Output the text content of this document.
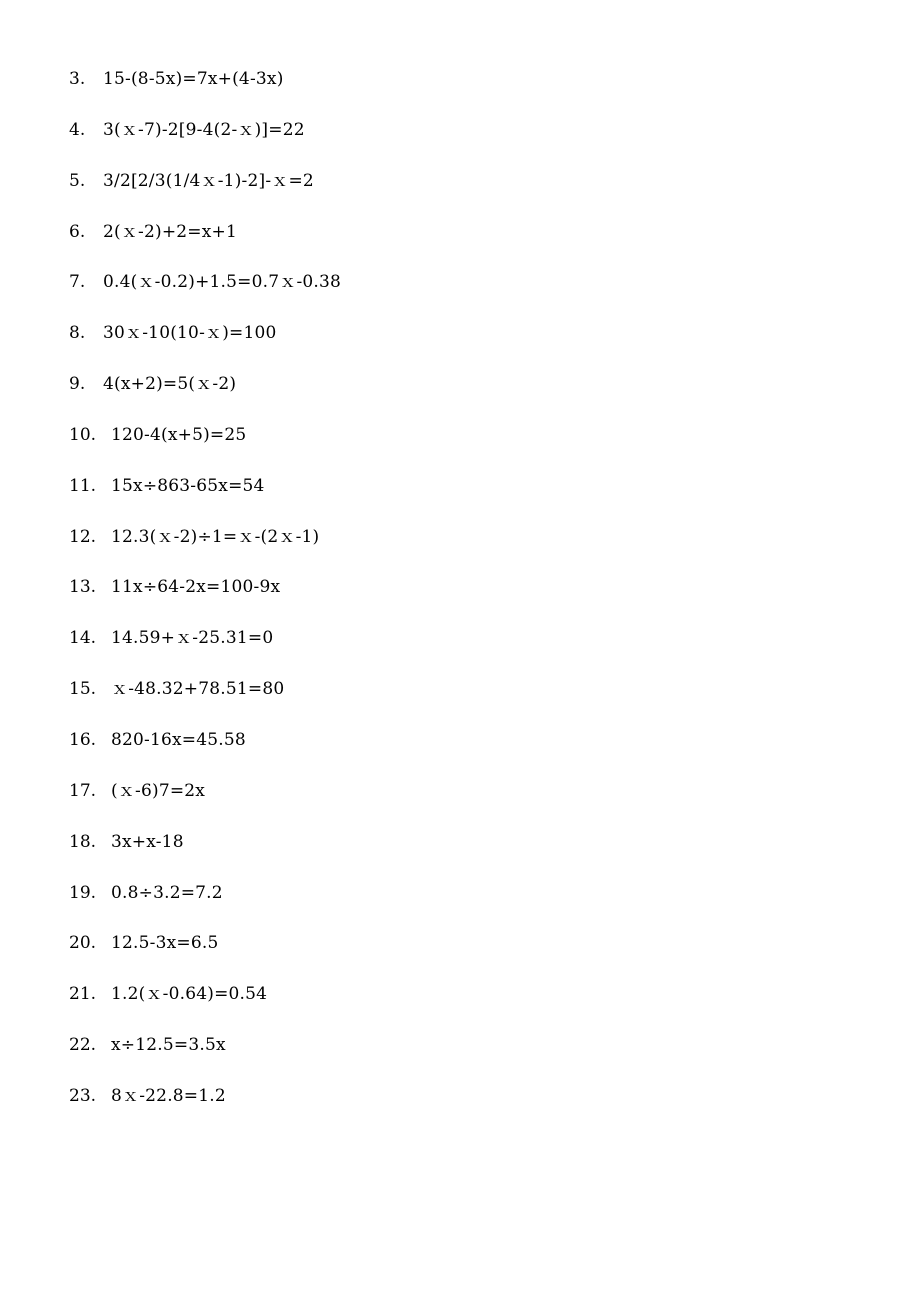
3.	15-(8-5x)=7x+(4-3x)
4.	3(ｘ-7)-2[9-4(2-ｘ)]=22
5.	3/2[2/3(1/4ｘ-1)-2]-ｘ=2
6.	2(ｘ-2)+2=x+1
7.	0.4(ｘ-0.2)+1.5=0.7ｘ-0.38
8.	30ｘ-10(10-ｘ)=100
9.	4(x+2)=5(ｘ-2)
10. 120-4(x+5)=25
11. 15x÷863-65x=54
12. 12.3(ｘ-2)÷1=ｘ-(2ｘ-1)
13. 11x÷64-2x=100-9x
14. 14.59+ｘ-25.31=0
15. ｘ-48.32+78.51=80
16. 820-16x=45.58
17. (ｘ-6)7=2x
18. 3x+x-18
19. 0.8÷3.2=7.2
20. 12.5-3x=6.5
21. 1.2(ｘ-0.64)=0.54
22. x÷12.5=3.5x
23. 8ｘ-22.8=1.2
